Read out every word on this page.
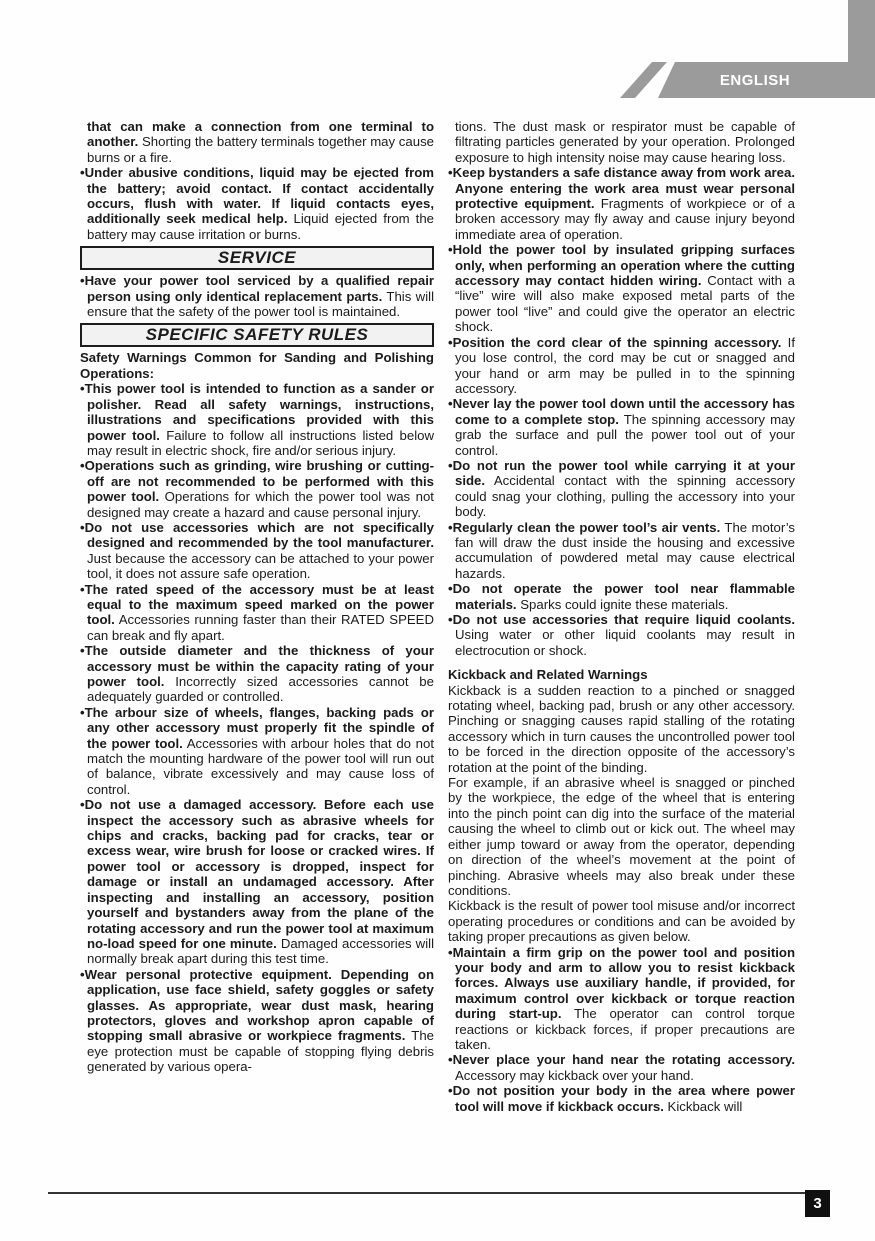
ENGLISH

that can make a connection from one terminal to another. Shorting the battery terminals together may cause burns or a fire.

•Under abusive conditions, liquid may be ejected from the battery; avoid contact. If contact accidentally occurs, flush with water. If liquid contacts eyes, additionally seek medical help. Liquid ejected from the battery may cause irritation or burns.

SERVICE

•Have your power tool serviced by a qualified repair person using only identical replacement parts. This will ensure that the safety of the power tool is maintained.

SPECIFIC SAFETY RULES

Safety Warnings Common for Sanding and Polishing Operations:

•This power tool is intended to function as a sander or polisher. Read all safety warnings, instructions, illustrations and specifications provided with this power tool. Failure to follow all instructions listed below may result in electric shock, fire and/or serious injury.

•Operations such as grinding, wire brushing or cutting-off are not recommended to be performed with this power tool. Operations for which the power tool was not designed may create a hazard and cause personal injury.

•Do not use accessories which are not specifically designed and recommended by the tool manufacturer. Just because the accessory can be attached to your power tool, it does not assure safe operation.

•The rated speed of the accessory must be at least equal to the maximum speed marked on the power tool. Accessories running faster than their RATED SPEED can break and fly apart.

•The outside diameter and the thickness of your accessory must be within the capacity rating of your power tool. Incorrectly sized accessories cannot be adequately guarded or controlled.

•The arbour size of wheels, flanges, backing pads or any other accessory must properly fit the spindle of the power tool. Accessories with arbour holes that do not match the mounting hardware of the power tool will run out of balance, vibrate excessively and may cause loss of control.

•Do not use a damaged accessory. Before each use inspect the accessory such as abrasive wheels for chips and cracks, backing pad for cracks, tear or excess wear, wire brush for loose or cracked wires. If power tool or accessory is dropped, inspect for damage or install an undamaged accessory. After inspecting and installing an accessory, position yourself and bystanders away from the plane of the rotating accessory and run the power tool at maximum no-load speed for one minute. Damaged accessories will normally break apart during this test time.

•Wear personal protective equipment. Depending on application, use face shield, safety goggles or safety glasses. As appropriate, wear dust mask, hearing protectors, gloves and workshop apron capable of stopping small abrasive or workpiece fragments. The eye protection must be capable of stopping flying debris generated by various opera-

tions. The dust mask or respirator must be capable of filtrating particles generated by your operation. Prolonged exposure to high intensity noise may cause hearing loss.

•Keep bystanders a safe distance away from work area. Anyone entering the work area must wear personal protective equipment. Fragments of workpiece or of a broken accessory may fly away and cause injury beyond immediate area of operation.

•Hold the power tool by insulated gripping surfaces only, when performing an operation where the cutting accessory may contact hidden wiring. Contact with a “live” wire will also make exposed metal parts of the power tool “live” and could give the operator an electric shock.

•Position the cord clear of the spinning accessory. If you lose control, the cord may be cut or snagged and your hand or arm may be pulled in to the spinning accessory.

•Never lay the power tool down until the accessory has come to a complete stop. The spinning accessory may grab the surface and pull the power tool out of your control.

•Do not run the power tool while carrying it at your side. Accidental contact with the spinning accessory could snag your clothing, pulling the accessory into your body.

•Regularly clean the power tool’s air vents. The motor’s fan will draw the dust inside the housing and excessive accumulation of powdered metal may cause electrical hazards.

•Do not operate the power tool near flammable materials. Sparks could ignite these materials.

•Do not use accessories that require liquid coolants. Using water or other liquid coolants may result in electrocution or shock.

Kickback and Related Warnings

Kickback is a sudden reaction to a pinched or snagged rotating wheel, backing pad, brush or any other accessory. Pinching or snagging causes rapid stalling of the rotating accessory which in turn causes the uncontrolled power tool to be forced in the direction opposite of the accessory’s rotation at the point of the binding.

For example, if an abrasive wheel is snagged or pinched by the workpiece, the edge of the wheel that is entering into the pinch point can dig into the surface of the material causing the wheel to climb out or kick out. The wheel may either jump toward or away from the operator, depending on direction of the wheel’s movement at the point of pinching. Abrasive wheels may also break under these conditions.

Kickback is the result of power tool misuse and/or incorrect operating procedures or conditions and can be avoided by taking proper precautions as given below.

•Maintain a firm grip on the power tool and position your body and arm to allow you to resist kickback forces. Always use auxiliary handle, if provided, for maximum control over kickback or torque reaction during start-up. The operator can control torque reactions or kickback forces, if proper precautions are taken.

•Never place your hand near the rotating accessory. Accessory may kickback over your hand.

•Do not position your body in the area where power tool will move if kickback occurs. Kickback will

3
